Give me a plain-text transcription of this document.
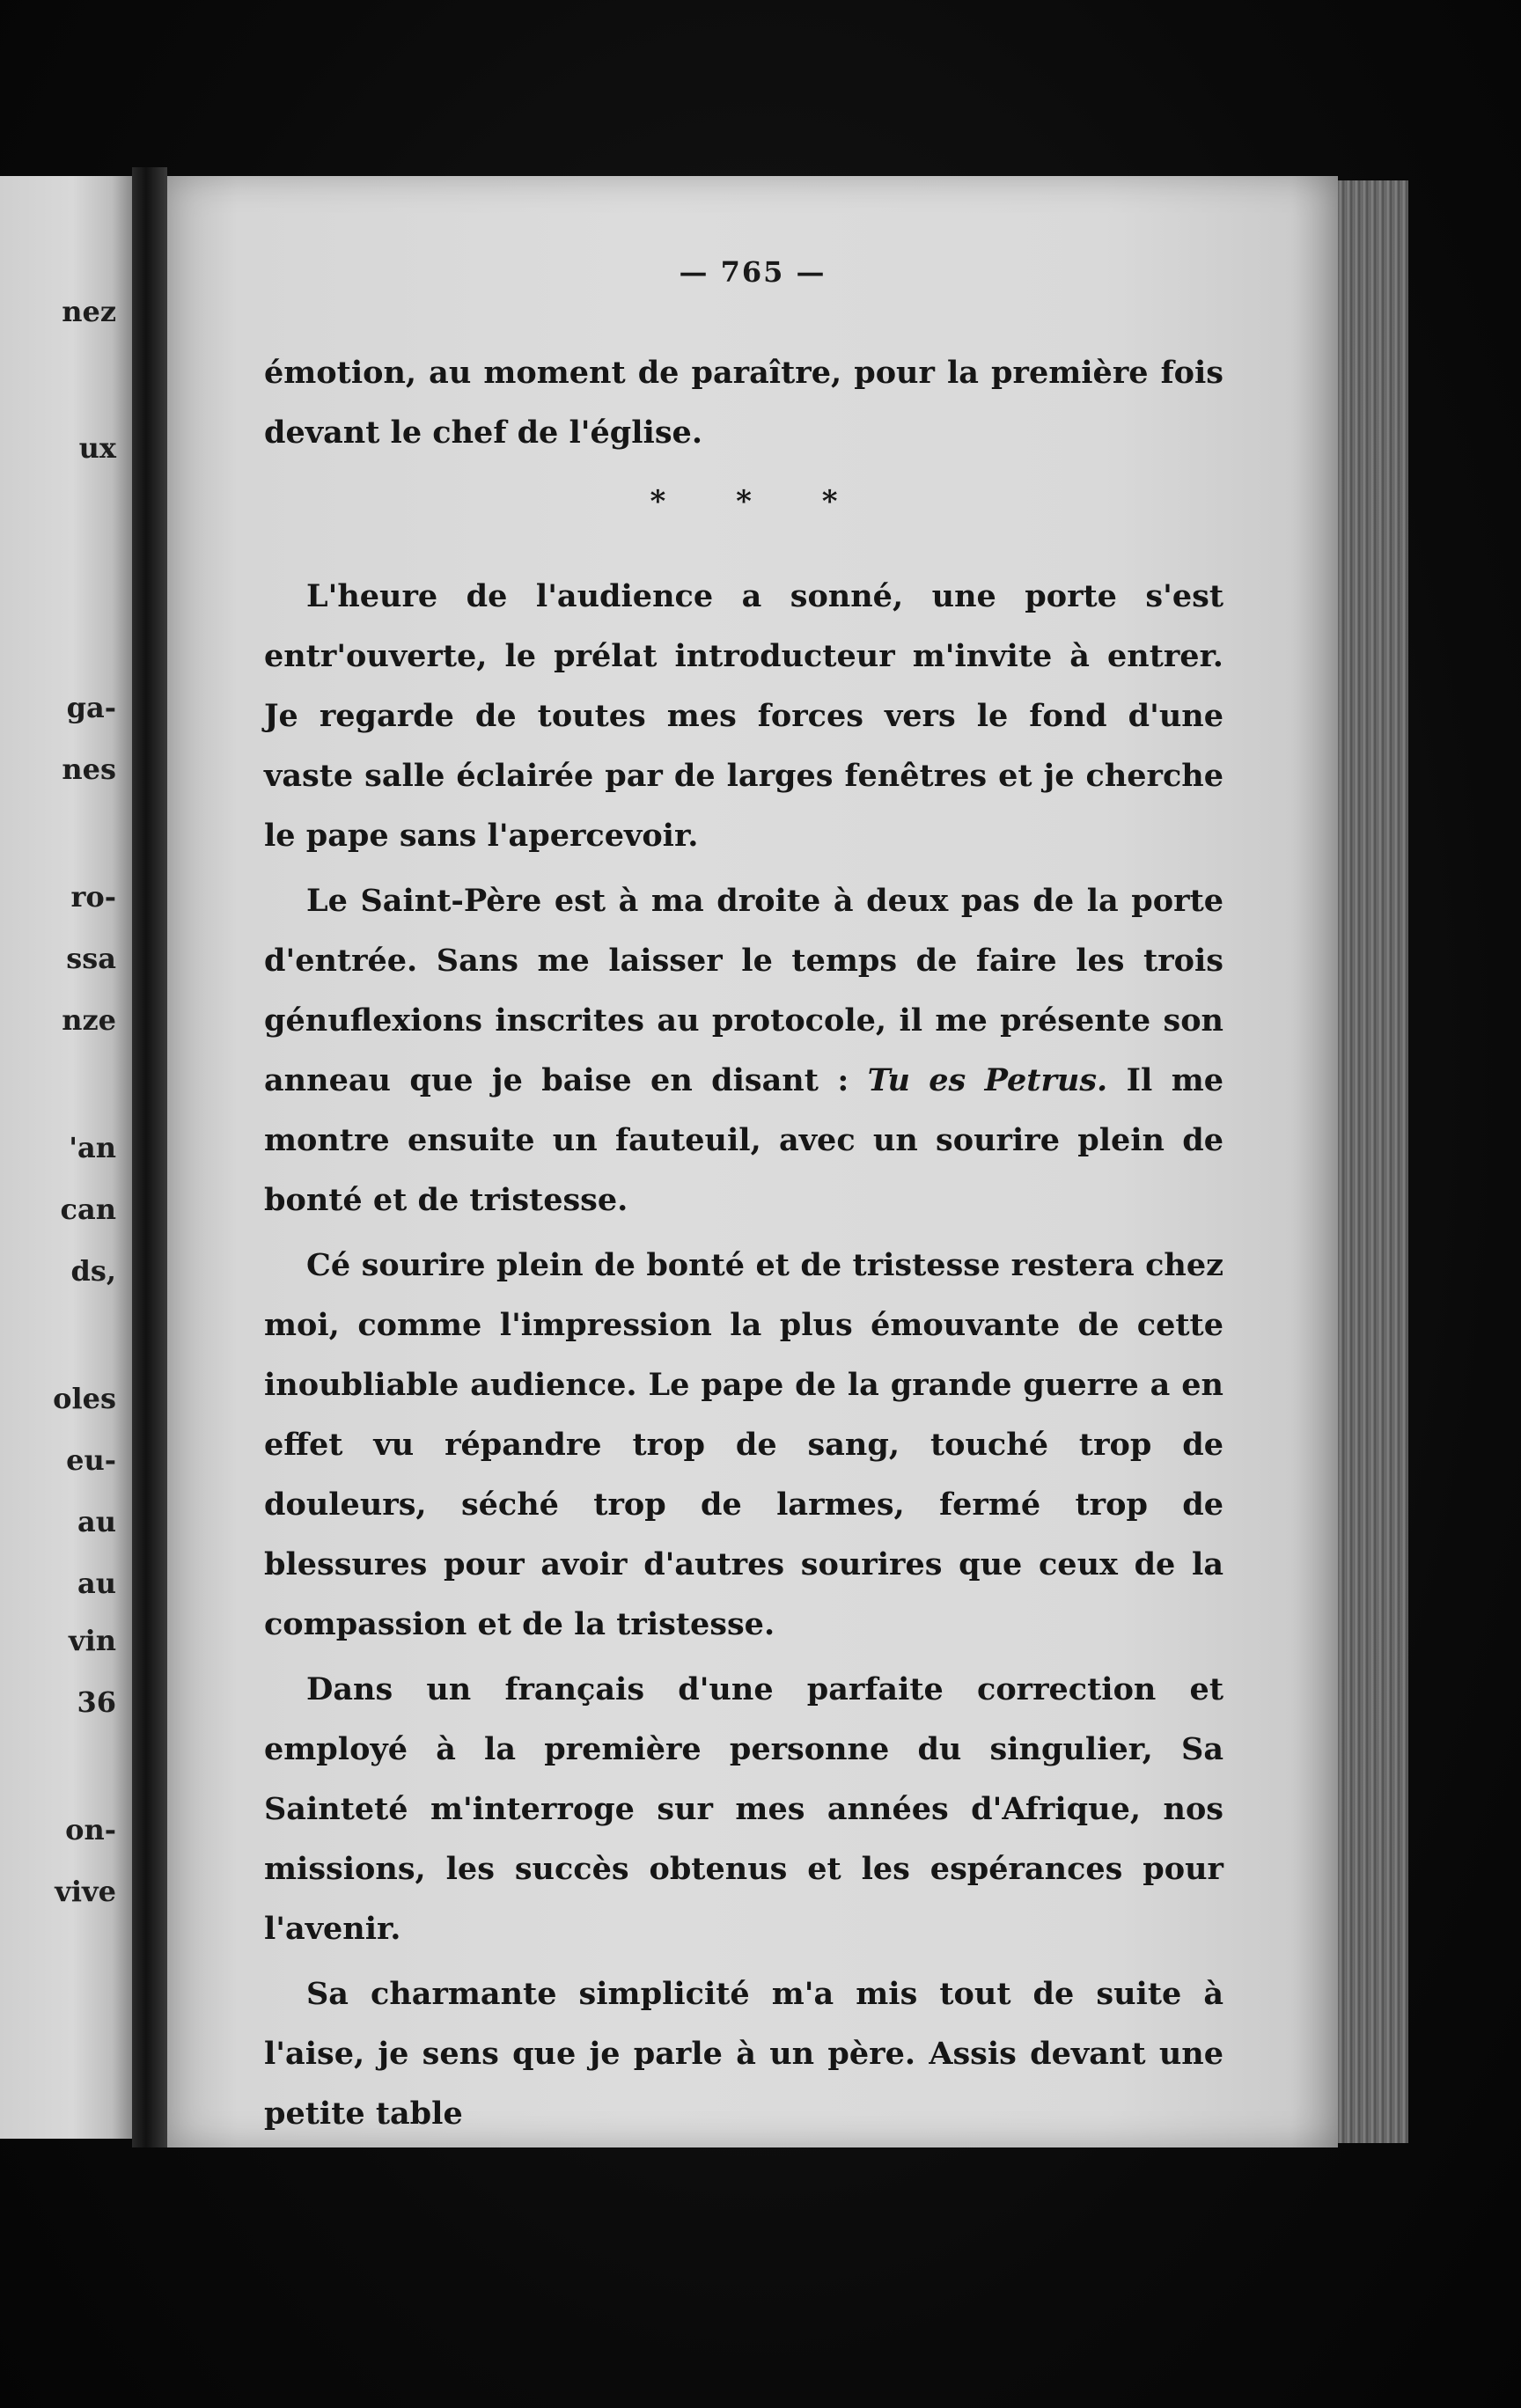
nez
ux
ga-
nes
ro-
ssa
nze
'an
can
ds,
oles
eu-
au
au
vin
36
on-
vive
— 765 —

émotion, au moment de paraître, pour la première fois devant le chef de l'église.

* * *

L'heure de l'audience a sonné, une porte s'est entr'ouverte, le prélat introducteur m'invite à entrer. Je regarde de toutes mes forces vers le fond d'une vaste salle éclairée par de larges fenêtres et je cherche le pape sans l'apercevoir.

Le Saint-Père est à ma droite à deux pas de la porte d'entrée. Sans me laisser le temps de faire les trois génuflexions inscrites au protocole, il me présente son anneau que je baise en disant : Tu es Petrus. Il me montre ensuite un fauteuil, avec un sourire plein de bonté et de tristesse.

Cé sourire plein de bonté et de tristesse restera chez moi, comme l'impression la plus émouvante de cette inoubliable audience. Le pape de la grande guerre a en effet vu répandre trop de sang, touché trop de douleurs, séché trop de larmes, fermé trop de blessures pour avoir d'autres sourires que ceux de la compassion et de la tristesse.

Dans un français d'une parfaite correction et employé à la première personne du singulier, Sa Sainteté m'interroge sur mes années d'Afrique, nos missions, les succès obtenus et les espérances pour l'avenir.

Sa charmante simplicité m'a mis tout de suite à l'aise, je sens que je parle à un père. Assis devant une petite table
